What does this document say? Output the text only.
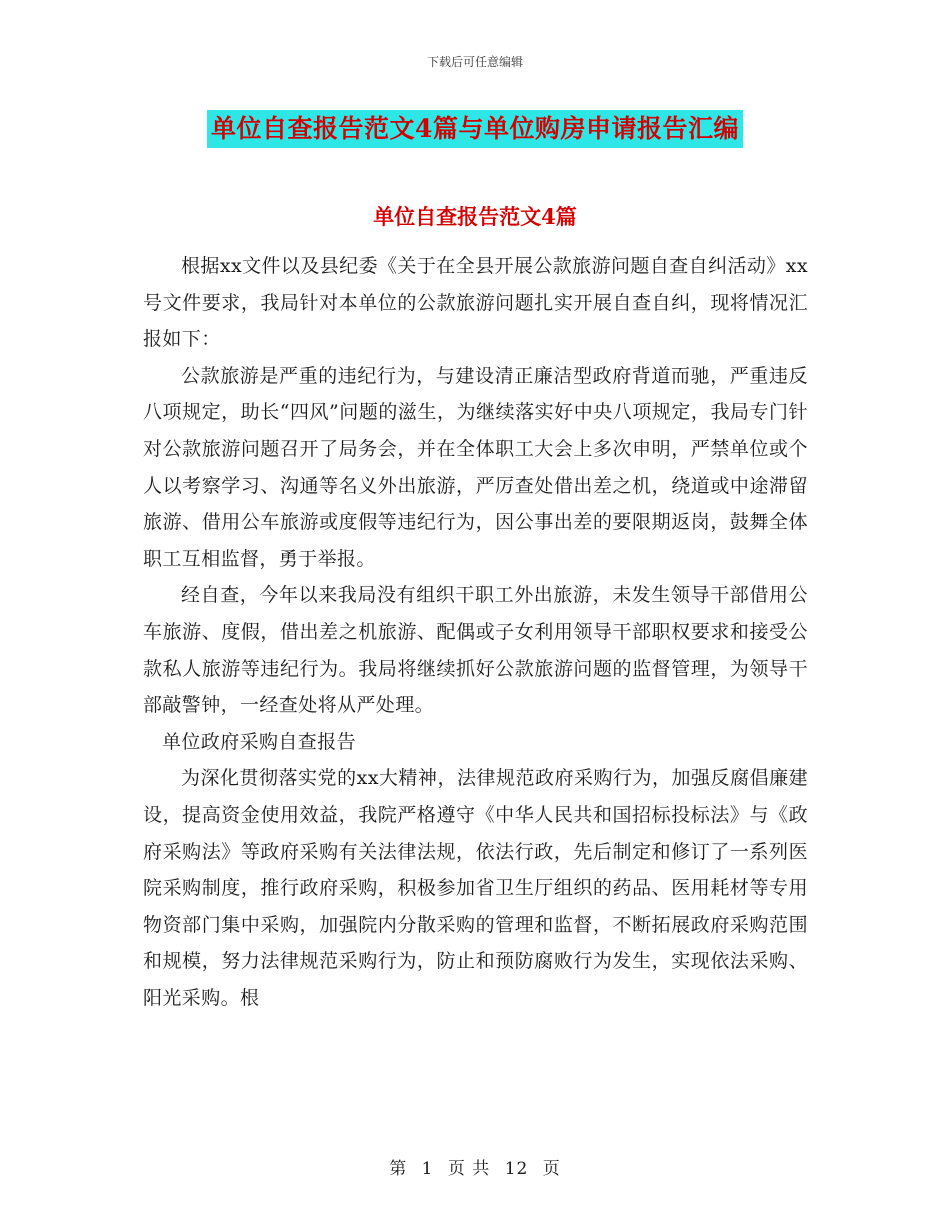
下载后可任意编辑
单位自查报告范文4篇与单位购房申请报告汇编
单位自查报告范文4篇

根据xx文件以及县纪委《关于在全县开展公款旅游问题自查自纠活动》xx号文件要求，我局针对本单位的公款旅游问题扎实开展自查自纠，现将情况汇报如下：

公款旅游是严重的违纪行为，与建设清正廉洁型政府背道而驰，严重违反八项规定，助长“四风”问题的滋生，为继续落实好中央八项规定，我局专门针对公款旅游问题召开了局务会，并在全体职工大会上多次申明，严禁单位或个人以考察学习、沟通等名义外出旅游，严厉查处借出差之机，绕道或中途滞留旅游、借用公车旅游或度假等违纪行为，因公事出差的要限期返岗，鼓舞全体职工互相监督，勇于举报。

经自查，今年以来我局没有组织干职工外出旅游，未发生领导干部借用公车旅游、度假，借出差之机旅游、配偶或子女利用领导干部职权要求和接受公款私人旅游等违纪行为。我局将继续抓好公款旅游问题的监督管理，为领导干部敲警钟，一经查处将从严处理。

单位政府采购自查报告

为深化贯彻落实党的xx大精神，法律规范政府采购行为，加强反腐倡廉建设，提高资金使用效益，我院严格遵守《中华人民共和国招标投标法》与《政府采购法》等政府采购有关法律法规，依法行政，先后制定和修订了一系列医院采购制度，推行政府采购，积极参加省卫生厅组织的药品、医用耗材等专用物资部门集中采购，加强院内分散采购的管理和监督，不断拓展政府采购范围和规模，努力法律规范采购行为，防止和预防腐败行为发生，实现依法采购、阳光采购。根

第 1 页 共 12 页
